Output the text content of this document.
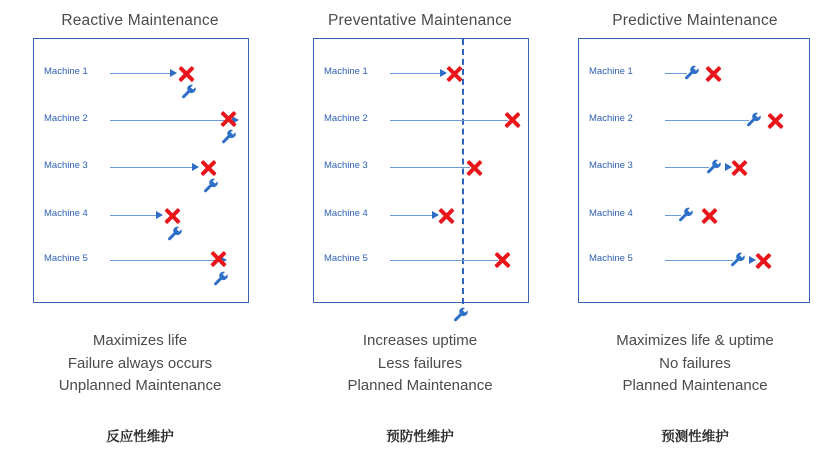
Reactive Maintenance
Machine 1
Machine 2
Machine 3
Machine 4
Machine 5
Maximizes life
Failure always occurs
Unplanned Maintenance
反应性维护
Preventative Maintenance
Machine 1
Machine 2
Machine 3
Machine 4
Machine 5
Increases uptime
Less failures
Planned Maintenance
预防性维护
Predictive Maintenance
Machine 1
Machine 2
Machine 3
Machine 4
Machine 5
Maximizes life & uptime
No failures
Planned Maintenance
预测性维护
